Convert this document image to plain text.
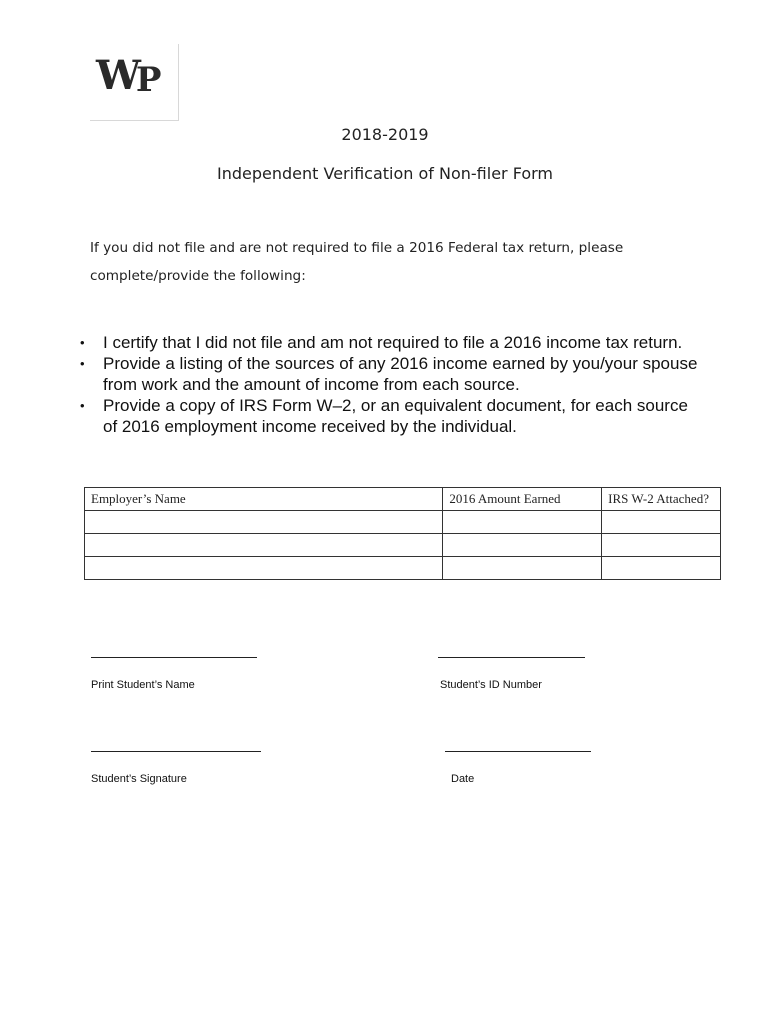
WP
2018-2019
Independent Verification of Non-filer Form
If you did not file and are not required to file a 2016 Federal tax return, please complete/provide the following:
• I certify that I did not file and am not required to file a 2016 income tax return.
• Provide a listing of the sources of any 2016 income earned by you/your spouse from work and the amount of income from each source.
• Provide a copy of IRS Form W–2, or an equivalent document, for each source of 2016 employment income received by the individual.
Employer’s Name	2016 Amount Earned	IRS W-2 Attached?

Print Student’s Name	Student’s ID Number
Student’s Signature	Date
